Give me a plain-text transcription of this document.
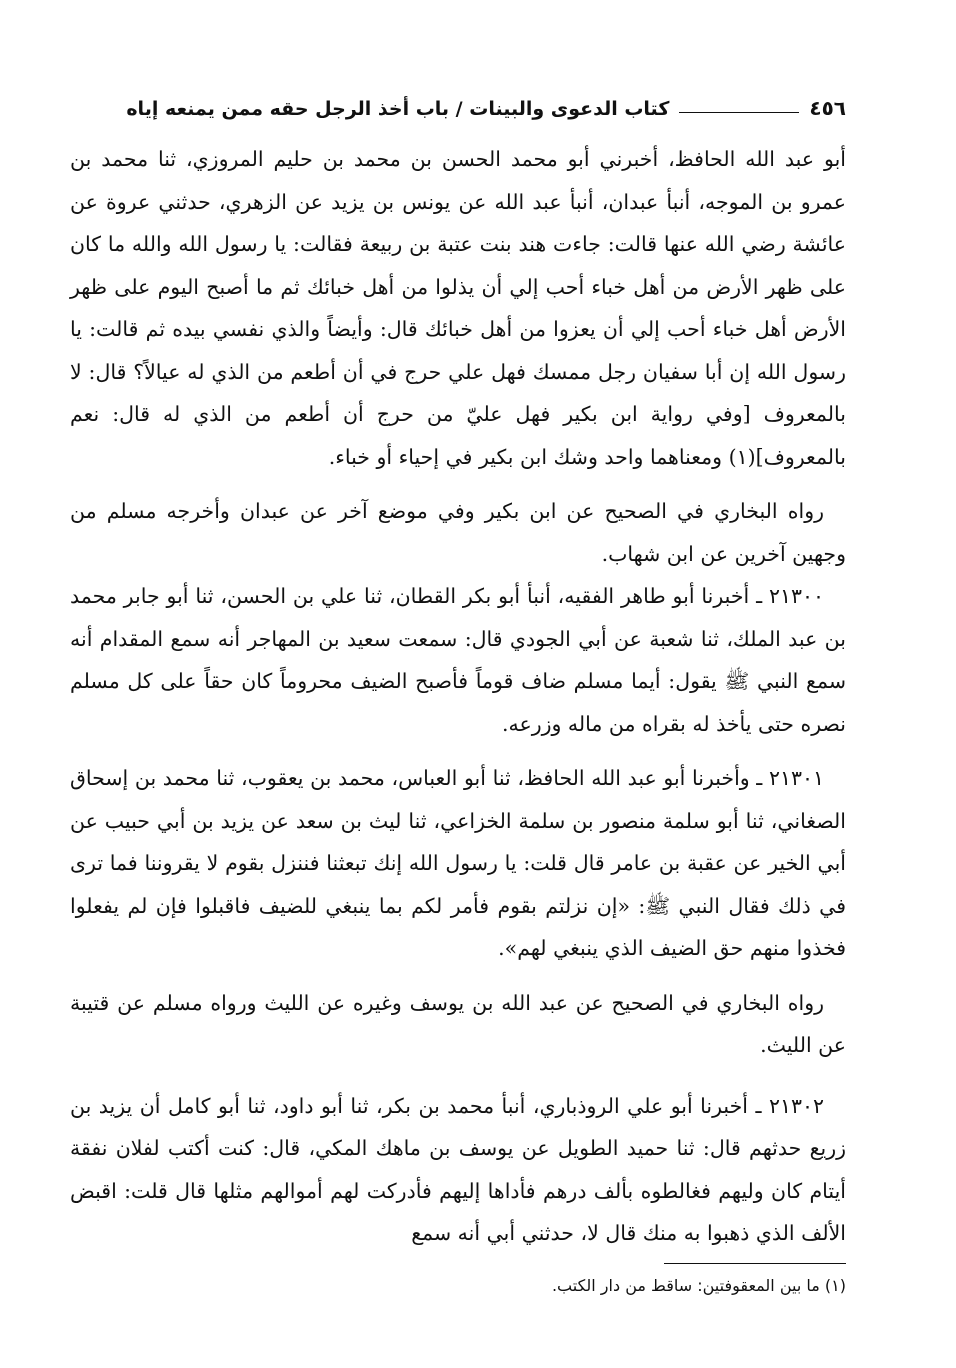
٤٥٦
كتاب الدعوى والبينات / باب أخذ الرجل حقه ممن يمنعه إياه

أبو عبد الله الحافظ، أخبرني أبو محمد الحسن بن محمد بن حليم المروزي، ثنا محمد بن عمرو بن الموجه، أنبأ عبدان، أنبأ عبد الله عن يونس بن يزيد عن الزهري، حدثني عروة عن عائشة رضي الله عنها قالت: جاءت هند بنت عتبة بن ربيعة فقالت: يا رسول الله والله ما كان على ظهر الأرض من أهل خباء أحب إلي أن يذلوا من أهل خبائك ثم ما أصبح اليوم على ظهر الأرض أهل خباء أحب إلي أن يعزوا من أهل خبائك قال: وأيضاً والذي نفسي بيده ثم قالت: يا رسول الله إن أبا سفيان رجل ممسك فهل علي حرج في أن أطعم من الذي له عيالاً؟ قال: لا بالمعروف [وفي رواية ابن بكير فهل عليّ من حرج أن أطعم من الذي له قال: نعم بالمعروف](١) ومعناهما واحد وشك ابن بكير في إحياء أو خباء.

رواه البخاري في الصحيح عن ابن بكير وفي موضع آخر عن عبدان وأخرجه مسلم من وجهين آخرين عن ابن شهاب.

٢١٣٠٠ ـ أخبرنا أبو طاهر الفقيه، أنبأ أبو بكر القطان، ثنا علي بن الحسن، ثنا أبو جابر محمد بن عبد الملك، ثنا شعبة عن أبي الجودي قال: سمعت سعيد بن المهاجر أنه سمع المقدام أنه سمع النبي ﷺ يقول: أيما مسلم ضاف قوماً فأصبح الضيف محروماً كان حقاً على كل مسلم نصره حتى يأخذ له بقراه من ماله وزرعه.

٢١٣٠١ ـ وأخبرنا أبو عبد الله الحافظ، ثنا أبو العباس، محمد بن يعقوب، ثنا محمد بن إسحاق الصغاني، ثنا أبو سلمة منصور بن سلمة الخزاعي، ثنا ليث بن سعد عن يزيد بن أبي حبيب عن أبي الخير عن عقبة بن عامر قال قلت: يا رسول الله إنك تبعثنا فننزل بقوم لا يقروننا فما ترى في ذلك فقال النبي ﷺ: «إن نزلتم بقوم فأمر لكم بما ينبغي للضيف فاقبلوا فإن لم يفعلوا فخذوا منهم حق الضيف الذي ينبغي لهم».

رواه البخاري في الصحيح عن عبد الله بن يوسف وغيره عن الليث ورواه مسلم عن قتيبة عن الليث.

٢١٣٠٢ ـ أخبرنا أبو علي الروذباري، أنبأ محمد بن بكر، ثنا أبو داود، ثنا أبو كامل أن يزيد بن زريع حدثهم قال: ثنا حميد الطويل عن يوسف بن ماهك المكي، قال: كنت أكتب لفلان نفقة أيتام كان وليهم فغالطوه بألف درهم فأداها إليهم فأدركت لهم أموالهم مثلها قال قلت: اقبض الألف الذي ذهبوا به منك قال لا، حدثني أبي أنه سمع

(١) ما بين المعقوفتين: ساقط من دار الكتب.
